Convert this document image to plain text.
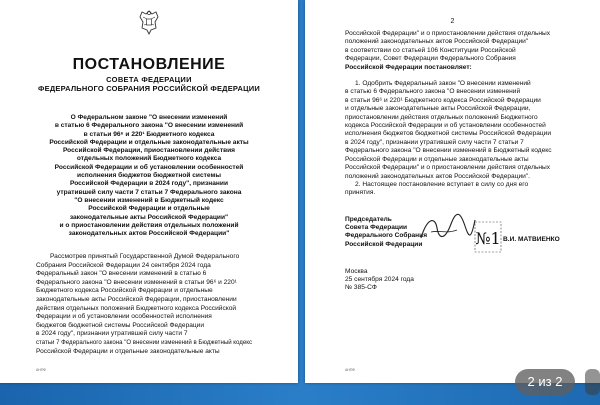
ПОСТАНОВЛЕНИЕ
СОВЕТА ФЕДЕРАЦИИ
ФЕДЕРАЛЬНОГО СОБРАНИЯ РОССИЙСКОЙ ФЕДЕРАЦИИ
О Федеральном законе "О внесении изменений
в статью 6 Федерального закона "О внесении изменений
в статьи 96⁶ и 220¹ Бюджетного кодекса
Российской Федерации и отдельные законодательные акты
Российской Федерации, приостановлении действия
отдельных положений Бюджетного кодекса
Российской Федерации и об установлении особенностей
исполнения бюджетов бюджетной системы
Российской Федерации в 2024 году", признании
утратившей силу части 7 статьи 7 Федерального закона
"О внесении изменений в Бюджетный кодекс
Российской Федерации и отдельные
законодательные акты Российской Федерации"
и о приостановлении действия отдельных положений
законодательных актов Российской Федерации"
Рассмотрев принятый Государственной Думой Федерального
Собрания Российской Федерации 24 сентября 2024 года
Федеральный закон "О внесении изменений в статью 6
Федерального закона "О внесении изменений в статьи 96⁶ и 220¹
Бюджетного кодекса Российской Федерации и отдельные
законодательные акты Российской Федерации, приостановлении
действия отдельных положений Бюджетного кодекса Российской
Федерации и об установлении особенностей исполнения
бюджетов бюджетной системы Российской Федерации
в 2024 году", признании утратившей силу части 7
статьи 7 Федерального закона "О внесении изменений в Бюджетный кодекс
Российской Федерации и отдельные законодательные акты
АНПФ
2
Российской Федерации" и о приостановлении действия отдельных
положений законодательных актов Российской Федерации"
в соответствии со статьей 106 Конституции Российской
Федерации, Совет Федерации Федерального Собрания
Российской Федерации постановляет:
1. Одобрить Федеральный закон "О внесении изменений
в статью 6 Федерального закона "О внесении изменений
в статьи 96⁶ и 220¹ Бюджетного кодекса Российской Федерации
и отдельные законодательные акты Российской Федерации,
приостановлении действия отдельных положений Бюджетного
кодекса Российской Федерации и об установлении особенностей
исполнения бюджетов бюджетной системы Российской Федерации
в 2024 году", признании утратившей силу части 7 статьи 7
Федерального закона "О внесении изменений в Бюджетный кодекс
Российской Федерации и отдельные законодательные акты
Российской Федерации" и о приостановлении действия отдельных
положений законодательных актов Российской Федерации".
2. Настоящее постановление вступает в силу со дня его
принятия.
Председатель
Совета Федерации
Федерального Собрания
Российской Федерации	№1 В.И. МАТВИЕНКО
Москва
25 сентября 2024 года
№ 385-СФ
АНПФ
2 из 2
